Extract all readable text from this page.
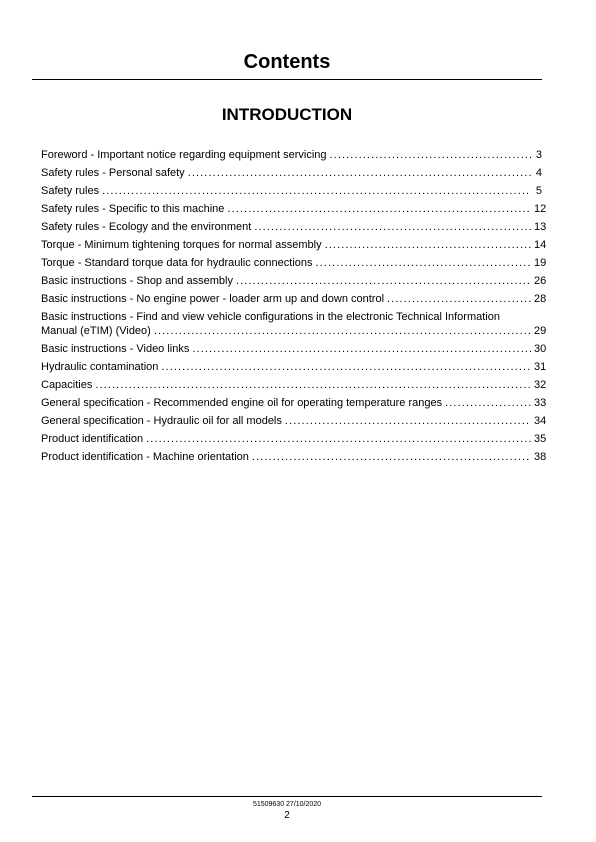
Contents
INTRODUCTION
Foreword - Important notice regarding equipment servicing .....	3
Safety rules - Personal safety .....	4
Safety rules .....	5
Safety rules - Specific to this machine .....	12
Safety rules - Ecology and the environment .....	13
Torque - Minimum tightening torques for normal assembly .....	14
Torque - Standard torque data for hydraulic connections .....	19
Basic instructions - Shop and assembly .....	26
Basic instructions - No engine power - loader arm up and down control .....	28
Basic instructions - Find and view vehicle configurations in the electronic Technical Information
Manual (eTIM) (Video) .....	29
Basic instructions - Video links .....	30
Hydraulic contamination .....	31
Capacities .....	32
General specification - Recommended engine oil for operating temperature ranges .....	33
General specification - Hydraulic oil for all models .....	34
Product identification .....	35
Product identification - Machine orientation .....	38
51509630 27/10/2020
2
